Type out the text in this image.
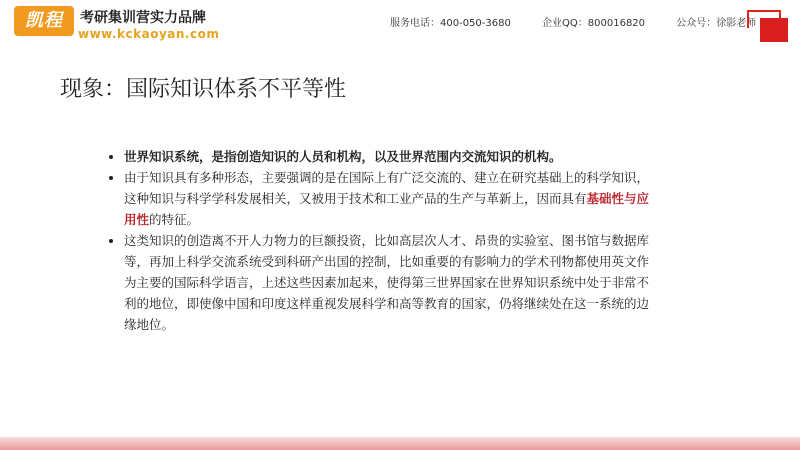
凯程	考研集训营实力品牌
www.kckaoyan.com
服务电话：400-050-3680	企业QQ：800016820	公众号：徐影老师
现象：国际知识体系不平等性
• 世界知识系统，是指创造知识的人员和机构，以及世界范围内交流知识的机构。
• 由于知识具有多种形态，主要强调的是在国际上有广泛交流的、建立在研究基础上的科学知识，这种知识与科学学科发展相关，又被用于技术和工业产品的生产与革新上，因而具有基础性与应用性的特征。
• 这类知识的创造离不开人力物力的巨额投资，比如高层次人才、昂贵的实验室、图书馆与数据库等，再加上科学交流系统受到科研产出国的控制，比如重要的有影响力的学术刊物都使用英文作为主要的国际科学语言，上述这些因素加起来，使得第三世界国家在世界知识系统中处于非常不利的地位，即使像中国和印度这样重视发展科学和高等教育的国家，仍将继续处在这一系统的边缘地位。
